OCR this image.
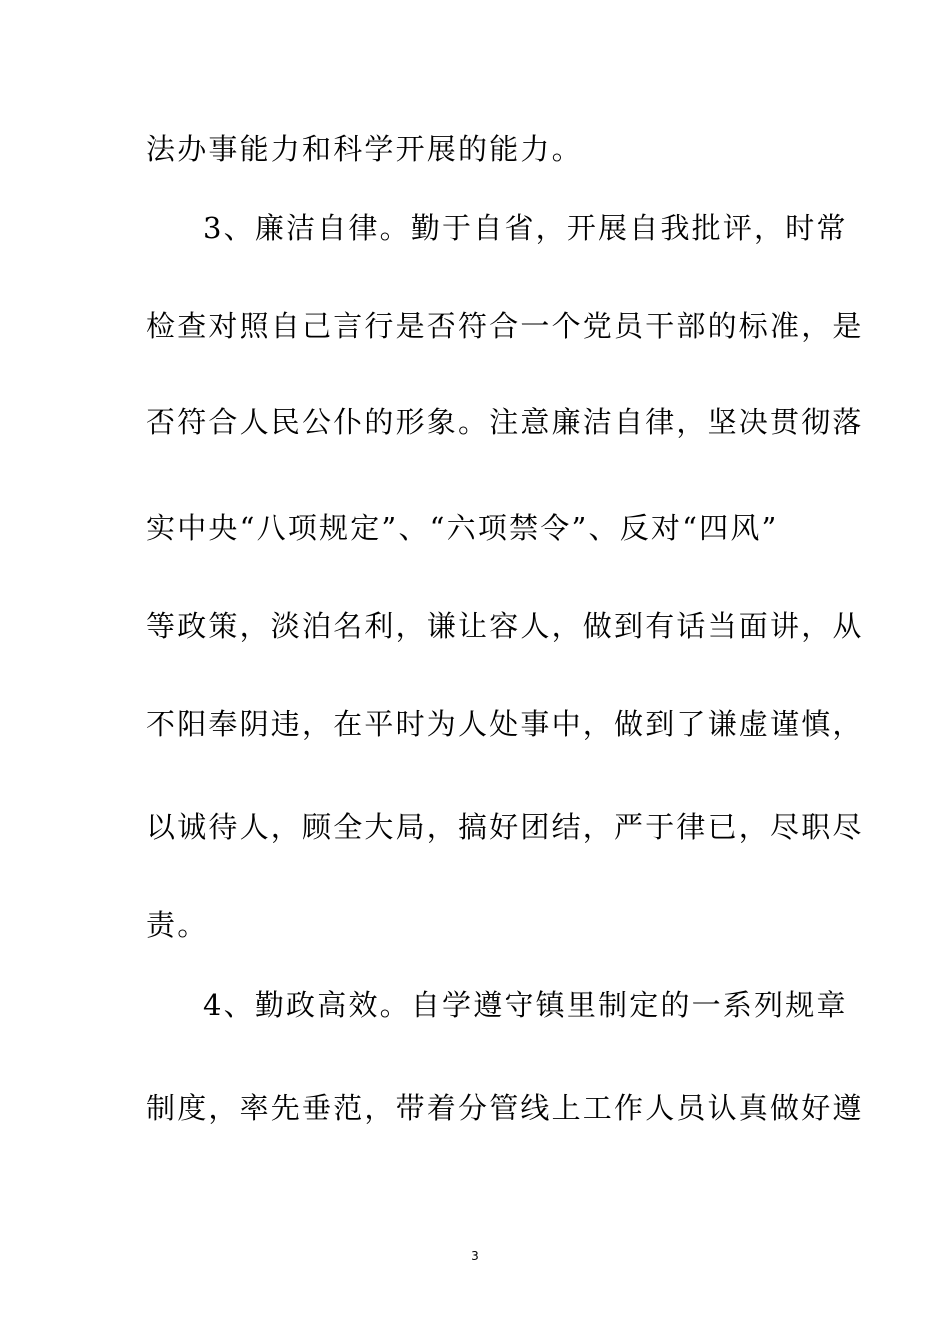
法办事能力和科学开展的能力。
3、廉洁自律。勤于自省，开展自我批评，时常
检查对照自己言行是否符合一个党员干部的标准，是
否符合人民公仆的形象。注意廉洁自律，坚决贯彻落
实中央“八项规定”、“六项禁令”、反对“四风”
等政策，淡泊名利，谦让容人，做到有话当面讲，从
不阳奉阴违，在平时为人处事中，做到了谦虚谨慎，
以诚待人，顾全大局，搞好团结，严于律已，尽职尽
责。
4、勤政高效。自学遵守镇里制定的一系列规章
制度，率先垂范，带着分管线上工作人员认真做好遵
3
